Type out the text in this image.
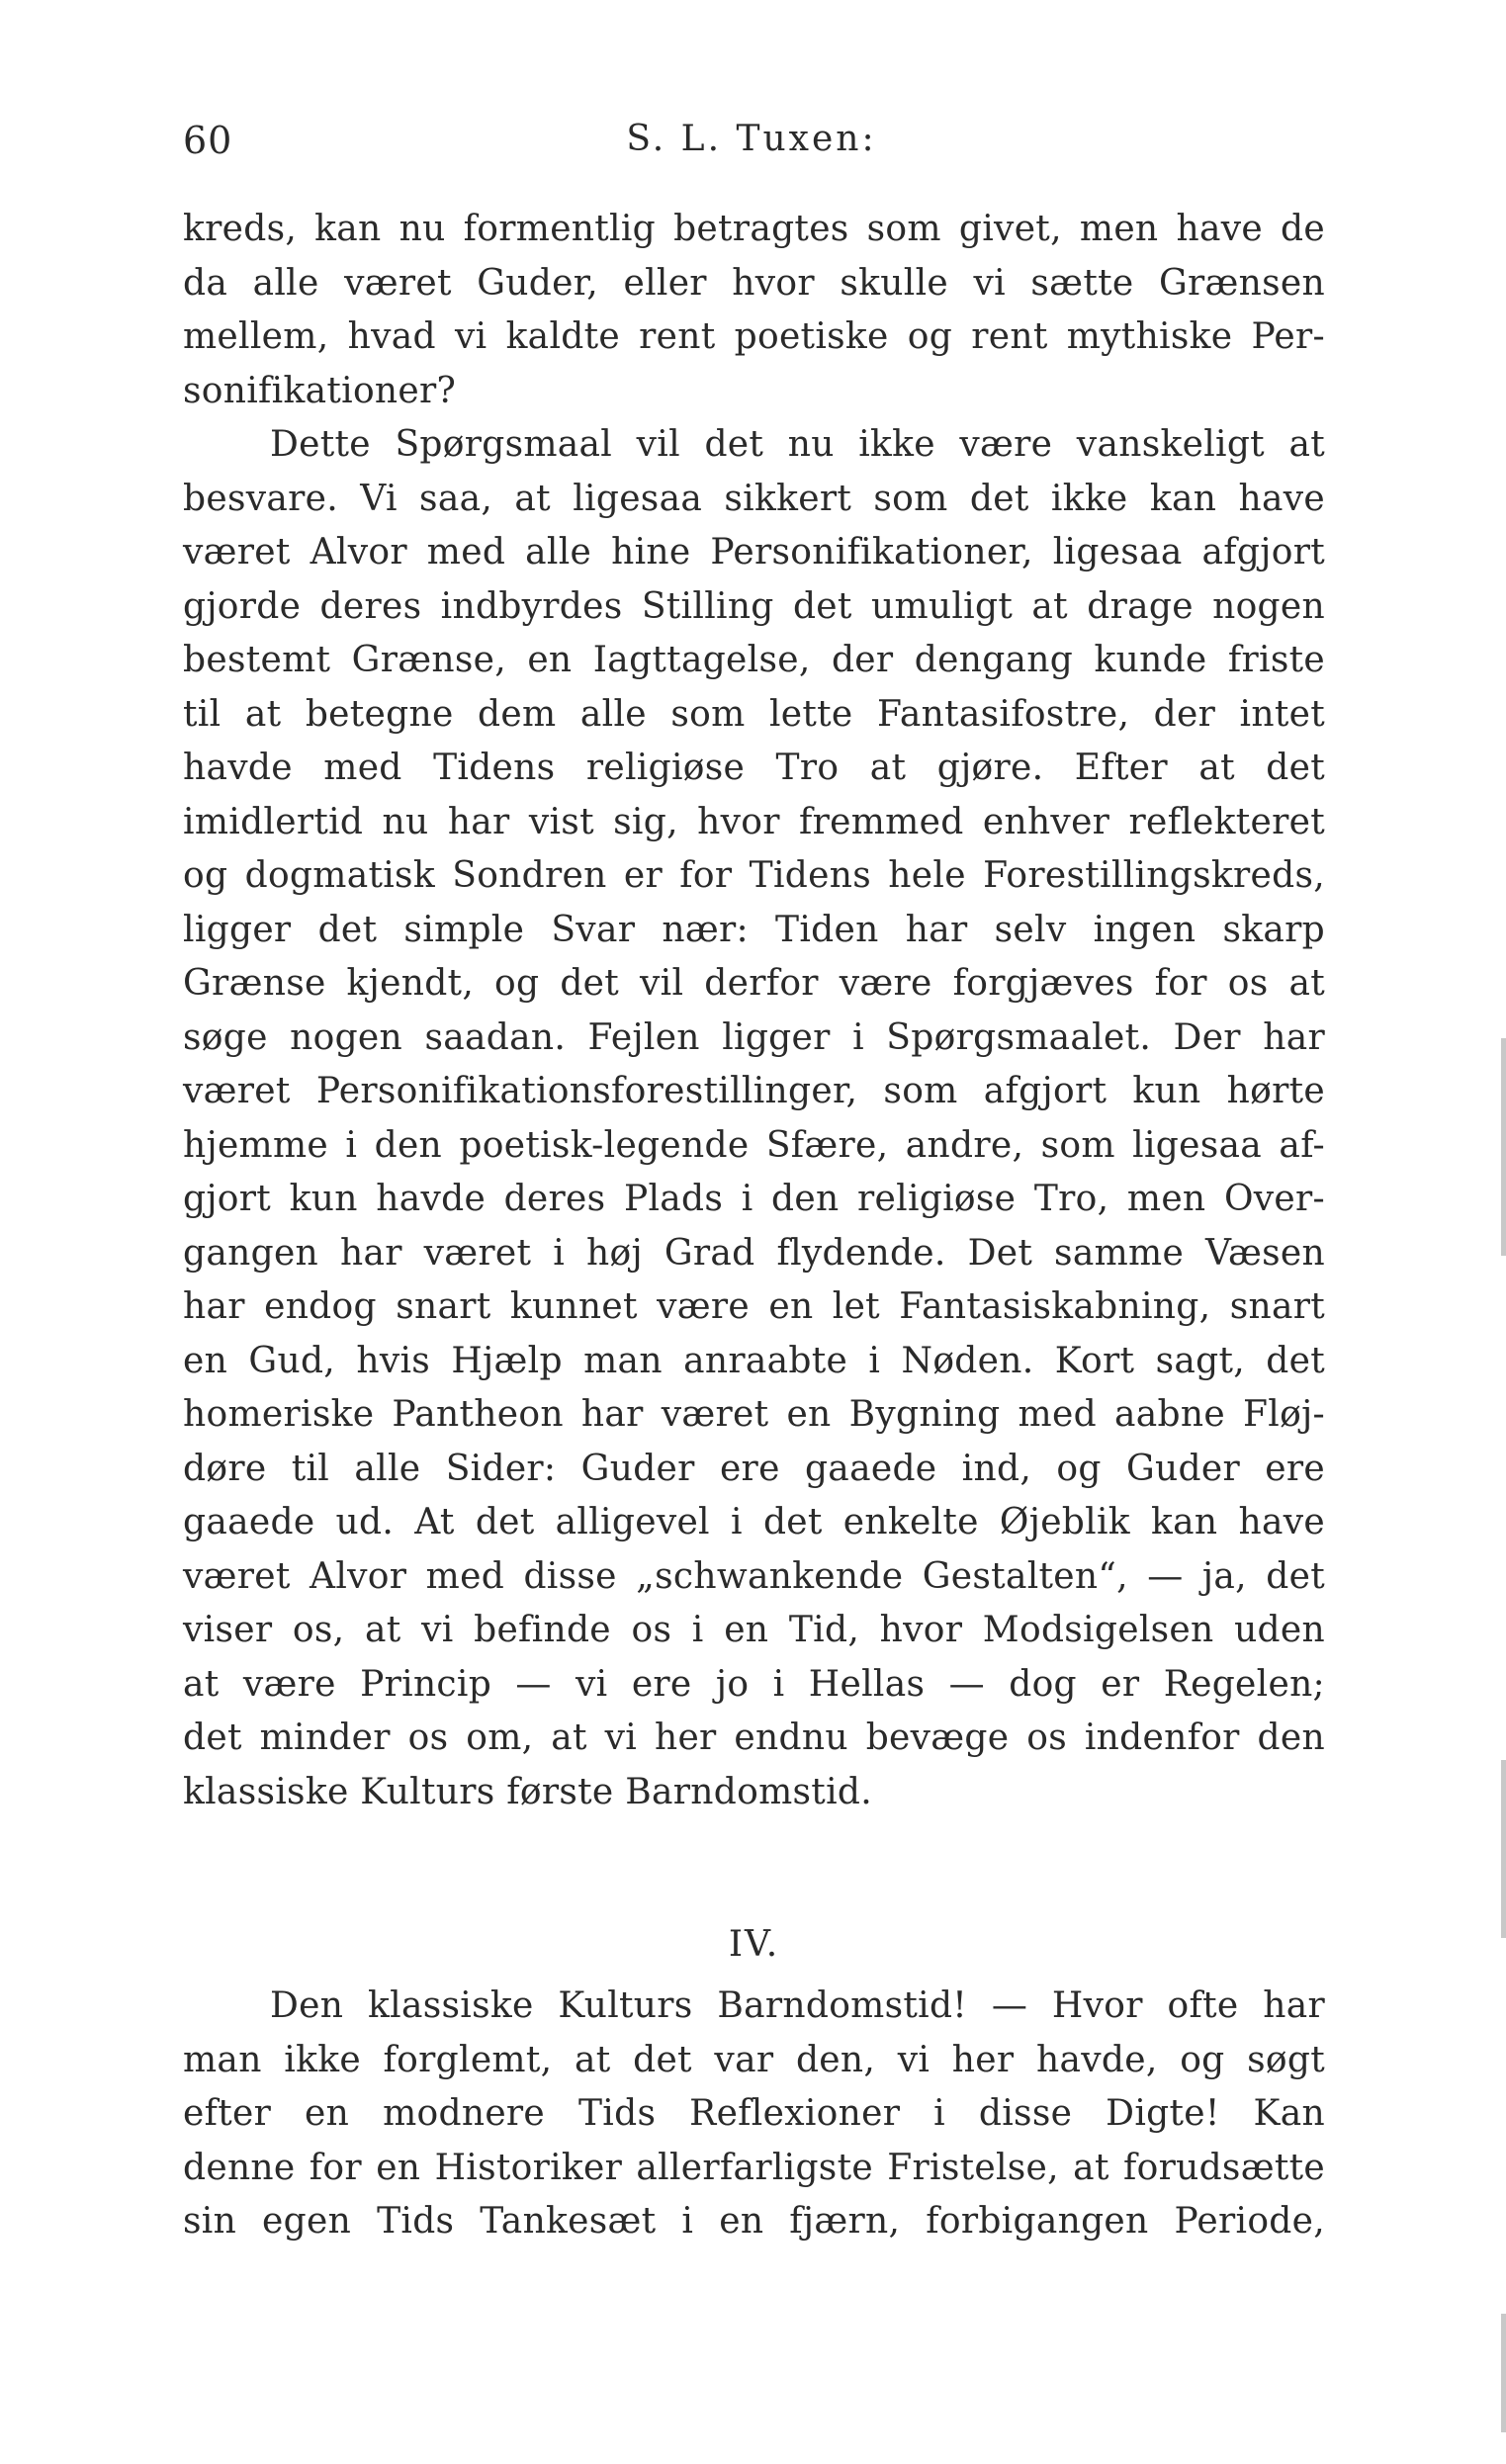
S. L. Tuxen:
60
kreds, kan nu formentlig betragtes som givet, men have de
da alle været Guder, eller hvor skulle vi sætte Grænsen
mellem, hvad vi kaldte rent poetiske og rent mythiske Per-
sonifikationer?
Dette Spørgsmaal vil det nu ikke være vanskeligt at
besvare. Vi saa, at ligesaa sikkert som det ikke kan have
været Alvor med alle hine Personifikationer, ligesaa afgjort
gjorde deres indbyrdes Stilling det umuligt at drage nogen
bestemt Grænse, en Iagttagelse, der dengang kunde friste
til at betegne dem alle som lette Fantasifostre, der intet
havde med Tidens religiøse Tro at gjøre. Efter at det
imidlertid nu har vist sig, hvor fremmed enhver reflekteret
og dogmatisk Sondren er for Tidens hele Forestillingskreds,
ligger det simple Svar nær: Tiden har selv ingen skarp
Grænse kjendt, og det vil derfor være forgjæves for os at
søge nogen saadan. Fejlen ligger i Spørgsmaalet. Der har
været Personifikationsforestillinger, som afgjort kun hørte
hjemme i den poetisk-legende Sfære, andre, som ligesaa af-
gjort kun havde deres Plads i den religiøse Tro, men Over-
gangen har været i høj Grad flydende. Det samme Væsen
har endog snart kunnet være en let Fantasiskabning, snart
en Gud, hvis Hjælp man anraabte i Nøden. Kort sagt, det
homeriske Pantheon har været en Bygning med aabne Fløj-
døre til alle Sider: Guder ere gaaede ind, og Guder ere
gaaede ud. At det alligevel i det enkelte Øjeblik kan have
været Alvor med disse „schwankende Gestalten“, — ja, det
viser os, at vi befinde os i en Tid, hvor Modsigelsen uden
at være Princip — vi ere jo i Hellas — dog er Regelen;
det minder os om, at vi her endnu bevæge os indenfor den
klassiske Kulturs første Barndomstid.
IV.
Den klassiske Kulturs Barndomstid! — Hvor ofte har
man ikke forglemt, at det var den, vi her havde, og søgt
efter en modnere Tids Reflexioner i disse Digte! Kan
denne for en Historiker allerfarligste Fristelse, at forudsætte
sin egen Tids Tankesæt i en fjærn, forbigangen Periode,
